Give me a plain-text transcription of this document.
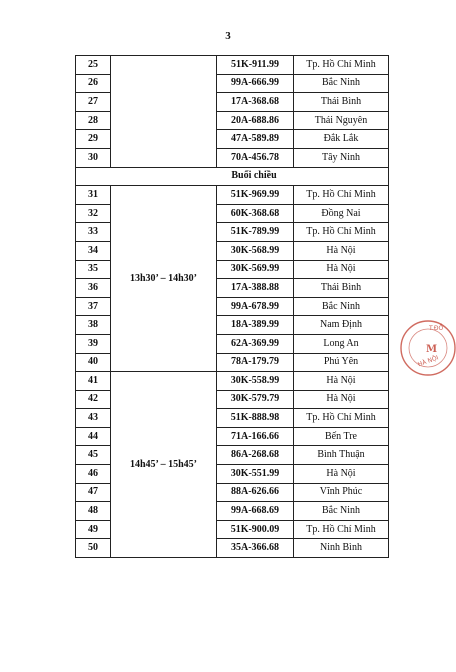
3
25		51K-911.99	Tp. Hồ Chí Minh
26		99A-666.99	Bắc Ninh
27		17A-368.68	Thái Bình
28		20A-688.86	Thái Nguyên
29		47A-589.89	Đắk Lắk
30		70A-456.78	Tây Ninh
Buổi chiều			
31	13h30’ – 14h30’	51K-969.99	Tp. Hồ Chí Minh
32		60K-368.68	Đồng Nai
33		51K-789.99	Tp. Hồ Chí Minh
34		30K-568.99	Hà Nội
35		30K-569.99	Hà Nội
36		17A-388.88	Thái Bình
37		99A-678.99	Bắc Ninh
38		18A-389.99	Nam Định
39		62A-369.99	Long An
40		78A-179.79	Phú Yên
41	14h45’ – 15h45’	30K-558.99	Hà Nội
42		30K-579.79	Hà Nội
43		51K-888.98	Tp. Hồ Chí Minh
44		71A-166.66	Bến Tre
45		86A-268.68	Bình Thuận
46		30K-551.99	Hà Nội
47		88A-626.66	Vĩnh Phúc
48		99A-668.69	Bắc Ninh
49		51K-900.09	Tp. Hồ Chí Minh
50		35A-366.68	Ninh Bình
T.ĐỒ
M
HÀ NỘI
